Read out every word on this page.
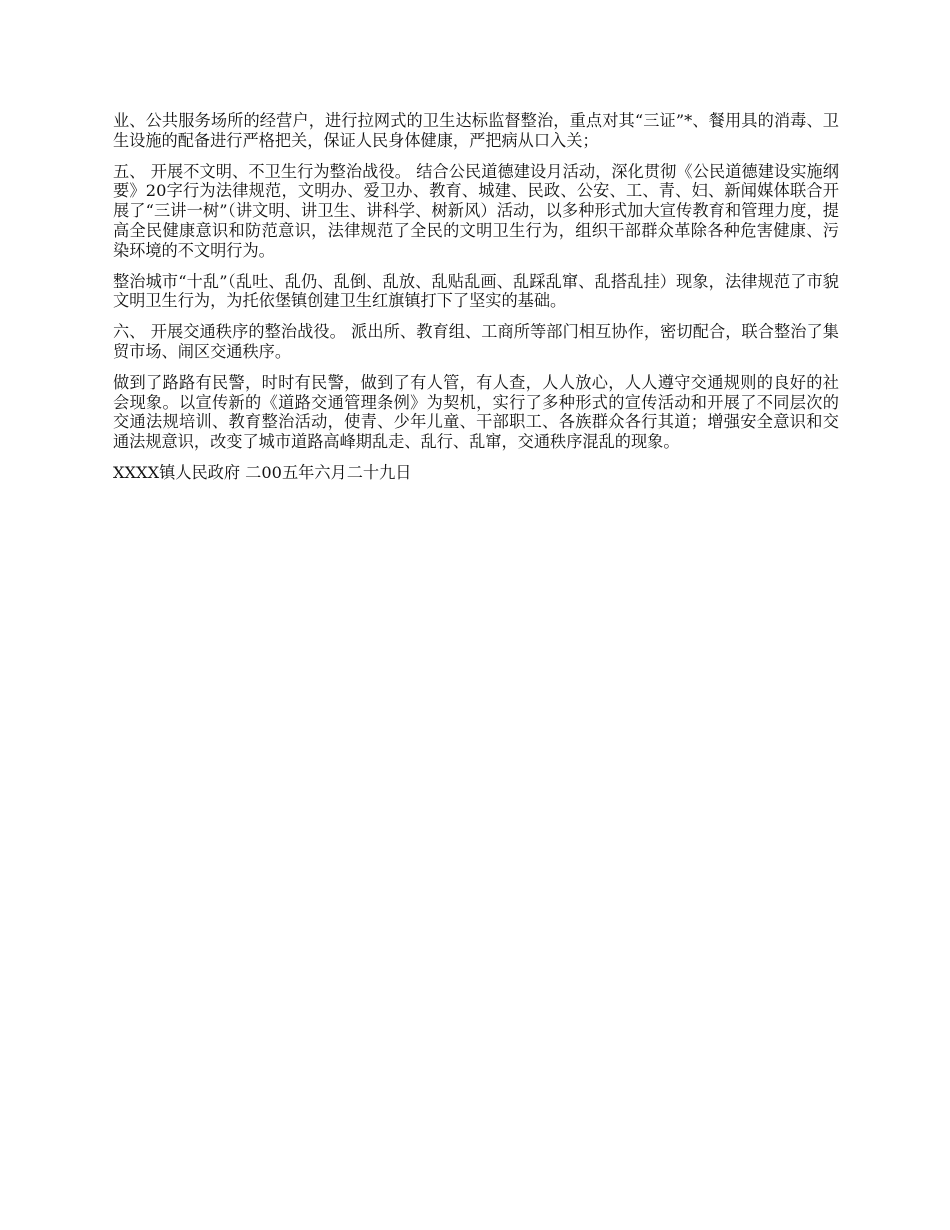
业、公共服务场所的经营户，进行拉网式的卫生达标监督整治，重点对其“三证”*、餐用具的消毒、卫生设施的配备进行严格把关，保证人民身体健康，严把病从口入关；

五、 开展不文明、不卫生行为整治战役。 结合公民道德建设月活动，深化贯彻《公民道德建设实施纲要》20字行为法律规范，文明办、爱卫办、教育、城建、民政、公安、工、青、妇、新闻媒体联合开展了“三讲一树”（讲文明、讲卫生、讲科学、树新风）活动，以多种形式加大宣传教育和管理力度，提高全民健康意识和防范意识，法律规范了全民的文明卫生行为，组织干部群众革除各种危害健康、污染环境的不文明行为。

整治城市“十乱”（乱吐、乱仍、乱倒、乱放、乱贴乱画、乱踩乱窜、乱搭乱挂）现象，法律规范了市貌文明卫生行为，为托依堡镇创建卫生红旗镇打下了坚实的基础。

六、 开展交通秩序的整治战役。 派出所、教育组、工商所等部门相互协作，密切配合，联合整治了集贸市场、闹区交通秩序。

做到了路路有民警，时时有民警，做到了有人管，有人查，人人放心，人人遵守交通规则的良好的社会现象。以宣传新的《道路交通管理条例》为契机，实行了多种形式的宣传活动和开展了不同层次的交通法规培训、教育整治活动，使青、少年儿童、干部职工、各族群众各行其道；增强安全意识和交通法规意识，改变了城市道路高峰期乱走、乱行、乱窜，交通秩序混乱的现象。

XXXX镇人民政府 二00五年六月二十九日
